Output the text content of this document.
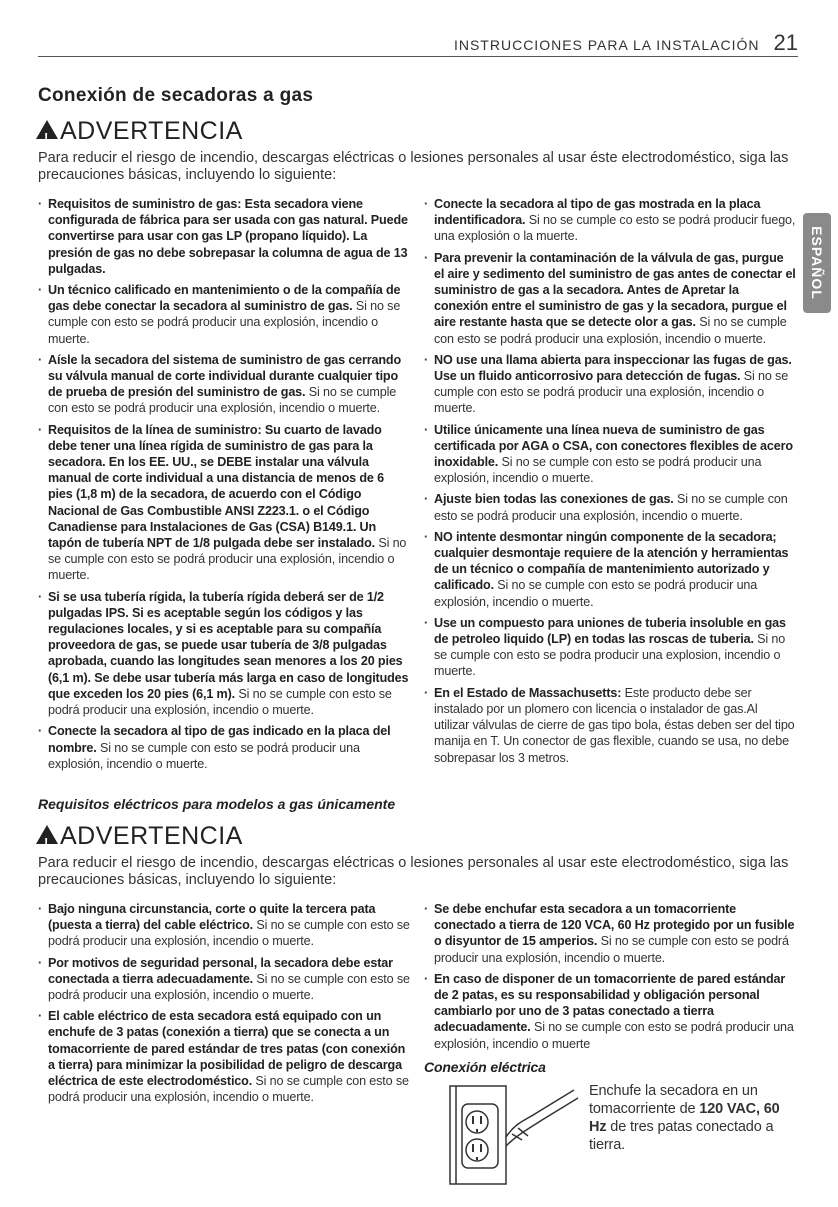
INSTRUCCIONES PARA LA INSTALACIÓN 21
ESPAÑOL
Conexión de secadoras a gas
!ADVERTENCIA
Para reducir el riesgo de incendio, descargas eléctricas o lesiones personales al usar éste electrodoméstico, siga las precauciones básicas, incluyendo lo siguiente:
· Requisitos de suministro de gas: Esta secadora viene configurada de fábrica para ser usada con gas natural. Puede convertirse para usar con gas LP (propano líquido). La presión de gas no debe sobrepasar la columna de agua de 13 pulgadas.
· Un técnico calificado en mantenimiento o de la compañía de gas debe conectar la secadora al suministro de gas. Si no se cumple con esto se podrá producir una explosión, incendio o muerte.
· Aísle la secadora del sistema de suministro de gas cerrando su válvula manual de corte individual durante cualquier tipo de prueba de presión del suministro de gas. Si no se cumple con esto se podrá producir una explosión, incendio o muerte.
· Requisitos de la línea de suministro: Su cuarto de lavado debe tener una línea rígida de suministro de gas para la secadora. En los EE. UU., se DEBE instalar una válvula manual de corte individual a una distancia de menos de 6 pies (1,8 m) de la secadora, de acuerdo con el Código Nacional de Gas Combustible ANSI Z223.1. o el Código Canadiense para Instalaciones de Gas (CSA) B149.1. Un tapón de tubería NPT de 1/8 pulgada debe ser instalado. Si no se cumple con esto se podrá producir una explosión, incendio o muerte.
· Si se usa tubería rígida, la tubería rígida deberá ser de 1/2 pulgadas IPS. Si es aceptable según los códigos y las regulaciones locales, y si es aceptable para su compañía proveedora de gas, se puede usar tubería de 3/8 pulgadas aprobada, cuando las longitudes sean menores a los 20 pies (6,1 m). Se debe usar tubería más larga en caso de longitudes que exceden los 20 pies (6,1 m). Si no se cumple con esto se podrá producir una explosión, incendio o muerte.
· Conecte la secadora al tipo de gas indicado en la placa del nombre. Si no se cumple con esto se podrá producir una explosión, incendio o muerte.
· Conecte la secadora al tipo de gas mostrada en la placa indentificadora. Si no se cumple co esto se podrá producir fuego, una explosión o la muerte.
· Para prevenir la contaminación de la válvula de gas, purgue el aire y sedimento del suministro de gas antes de conectar el suministro de gas a la secadora. Antes de Apretar la conexión entre el suministro de gas y la secadora, purgue el aire restante hasta que se detecte olor a gas. Si no se cumple con esto se podrá producir una explosión, incendio o muerte.
· NO use una llama abierta para inspeccionar las fugas de gas. Use un fluido anticorrosivo para detección de fugas. Si no se cumple con esto se podrá producir una explosión, incendio o muerte.
· Utilice únicamente una línea nueva de suministro de gas certificada por AGA o CSA, con conectores flexibles de acero inoxidable. Si no se cumple con esto se podrá producir una explosión, incendio o muerte.
· Ajuste bien todas las conexiones de gas. Si no se cumple con esto se podrá producir una explosión, incendio o muerte.
· NO intente desmontar ningún componente de la secadora; cualquier desmontaje requiere de la atención y herramientas de un técnico o compañía de mantenimiento autorizado y calificado. Si no se cumple con esto se podrá producir una explosión, incendio o muerte.
· Use un compuesto para uniones de tuberia insoluble en gas de petroleo liquido (LP) en todas las roscas de tuberia. Si no se cumple con esto se podra producir una explosion, incendio o muerte.
· En el Estado de Massachusetts: Este producto debe ser instalado por un plomero con licencia o instalador de gas.Al utilizar válvulas de cierre de gas tipo bola, éstas deben ser del tipo manija en T. Un conector de gas flexible, cuando se usa, no debe sobrepasar los 3 metros.
Requisitos eléctricos para modelos a gas únicamente
!ADVERTENCIA
Para reducir el riesgo de incendio, descargas eléctricas o lesiones personales al usar este electrodoméstico, siga las precauciones básicas, incluyendo lo siguiente:
· Bajo ninguna circunstancia, corte o quite la tercera pata (puesta a tierra) del cable eléctrico. Si no se cumple con esto se podrá producir una explosión, incendio o muerte.
· Por motivos de seguridad personal, la secadora debe estar conectada a tierra adecuadamente. Si no se cumple con esto se podrá producir una explosión, incendio o muerte.
· El cable eléctrico de esta secadora está equipado con un enchufe de 3 patas (conexión a tierra) que se conecta a un tomacorriente de pared estándar de tres patas (con conexión a tierra) para minimizar la posibilidad de peligro de descarga eléctrica de este electrodoméstico. Si no se cumple con esto se podrá producir una explosión, incendio o muerte.
· Se debe enchufar esta secadora a un tomacorriente conectado a tierra de 120 VCA, 60 Hz protegido por un fusible o disyuntor de 15 amperios. Si no se cumple con esto se podrá producir una explosión, incendio o muerte.
· En caso de disponer de un tomacorriente de pared estándar de 2 patas, es su responsabilidad y obligación personal cambiarlo por uno de 3 patas conectado a tierra adecuadamente. Si no se cumple con esto se podrá producir una explosión, incendio o muerte
Conexión eléctrica
Enchufe la secadora en un tomacorriente de 120 VAC, 60 Hz de tres patas conectado a tierra.
